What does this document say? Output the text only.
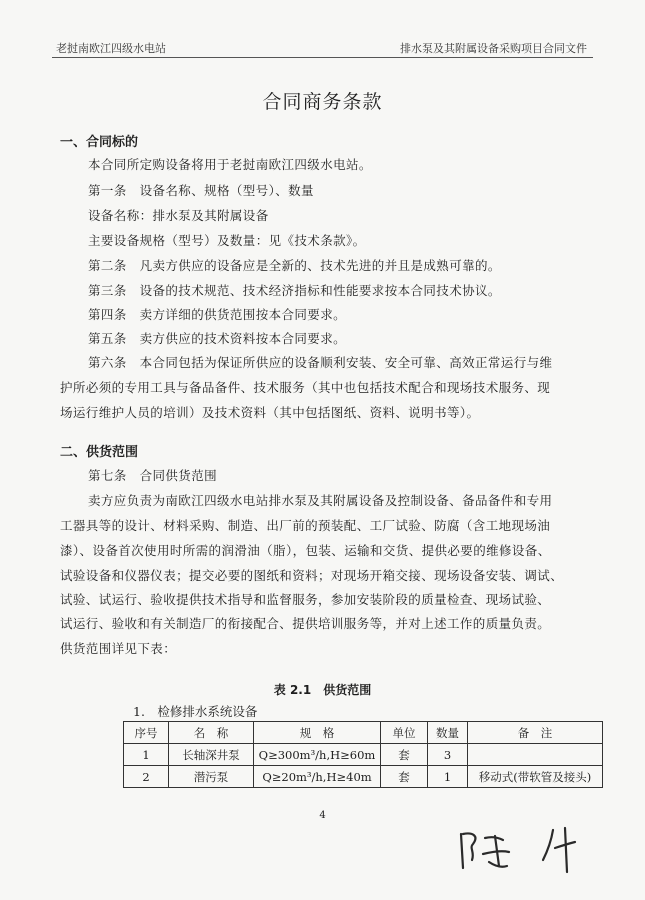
老挝南欧江四级水电站	排水泵及其附属设备采购项目合同文件
合同商务条款
一、合同标的
本合同所定购设备将用于老挝南欧江四级水电站。
第一条　设备名称、规格（型号）、数量
设备名称：排水泵及其附属设备
主要设备规格（型号）及数量：见《技术条款》。
第二条　凡卖方供应的设备应是全新的、技术先进的并且是成熟可靠的。
第三条　设备的技术规范、技术经济指标和性能要求按本合同技术协议。
第四条　卖方详细的供货范围按本合同要求。
第五条　卖方供应的技术资料按本合同要求。
第六条　本合同包括为保证所供应的设备顺利安装、安全可靠、高效正常运行与维
护所必须的专用工具与备品备件、技术服务（其中也包括技术配合和现场技术服务、现
场运行维护人员的培训）及技术资料（其中包括图纸、资料、说明书等）。
二、供货范围
第七条　合同供货范围
卖方应负责为南欧江四级水电站排水泵及其附属设备及控制设备、备品备件和专用
工器具等的设计、材料采购、制造、出厂前的预装配、工厂试验、防腐（含工地现场油
漆）、设备首次使用时所需的润滑油（脂），包装、运输和交货、提供必要的维修设备、
试验设备和仪器仪表；提交必要的图纸和资料；对现场开箱交接、现场设备安装、调试、
试验、试运行、验收提供技术指导和监督服务，参加安装阶段的质量检查、现场试验、
试运行、验收和有关制造厂的衔接配合、提供培训服务等，并对上述工作的质量负责。
供货范围详见下表：
表 2.1　供货范围
1.　检修排水系统设备
序号	名　称	规　格	单位	数量	备　注
1	长轴深井泵	Q≥300m³/h,H≥60m	套	3	
2	潜污泵	Q≥20m³/h,H≥40m	套	1	移动式(带软管及接头)
4
